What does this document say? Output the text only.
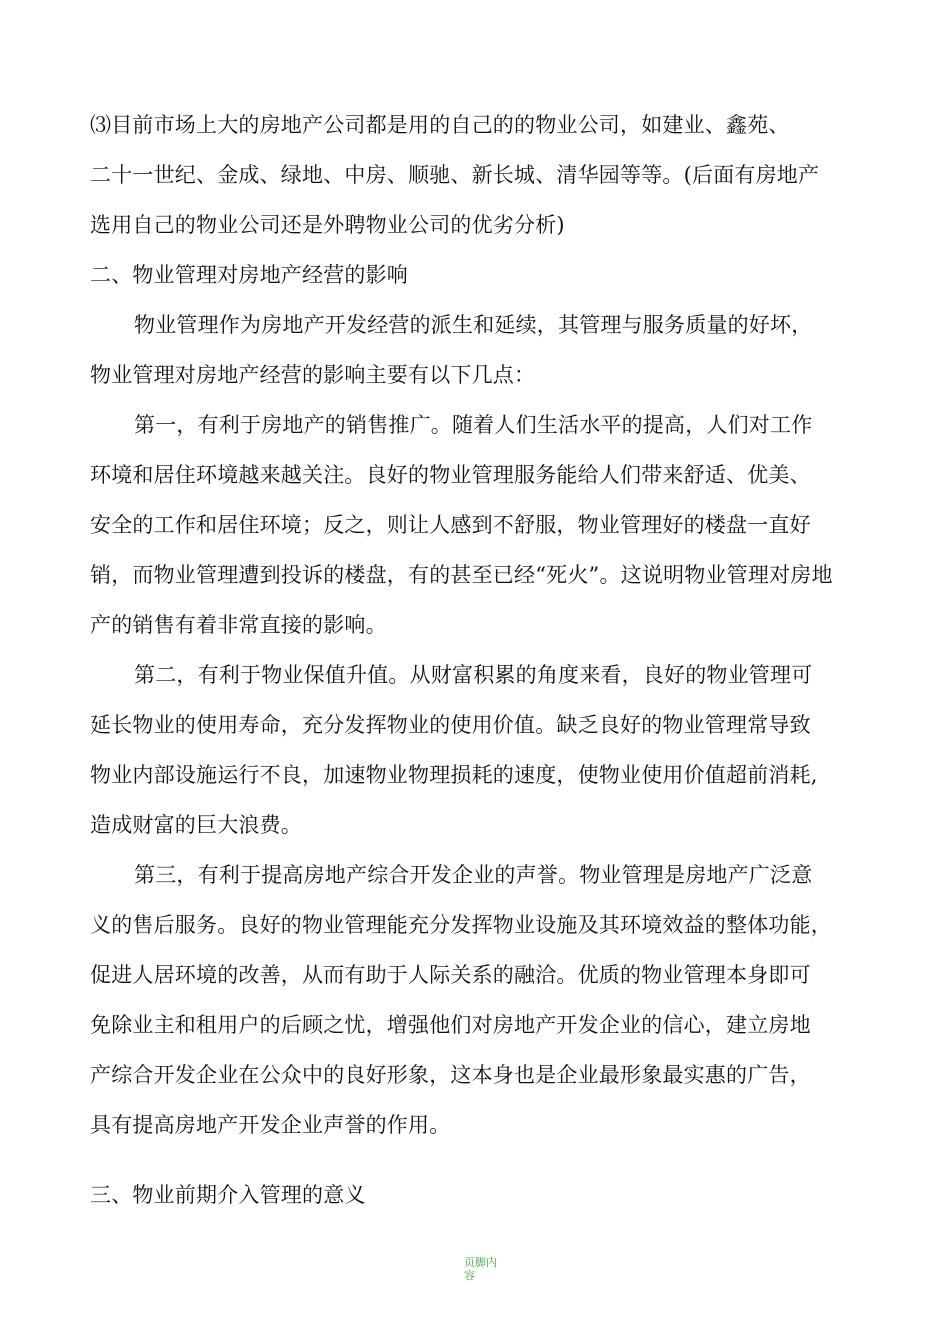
⑶目前市场上大的房地产公司都是用的自己的的物业公司，如建业、鑫苑、
二十一世纪、金成、绿地、中房、顺驰、新长城、清华园等等。(后面有房地产
选用自己的物业公司还是外聘物业公司的优劣分析)
二、物业管理对房地产经营的影响
物业管理作为房地产开发经营的派生和延续，其管理与服务质量的好坏，
物业管理对房地产经营的影响主要有以下几点：
第一，有利于房地产的销售推广。随着人们生活水平的提高，人们对工作
环境和居住环境越来越关注。良好的物业管理服务能给人们带来舒适、优美、
安全的工作和居住环境；反之，则让人感到不舒服，物业管理好的楼盘一直好
销，而物业管理遭到投诉的楼盘，有的甚至已经“死火”。这说明物业管理对房地
产的销售有着非常直接的影响。
第二，有利于物业保值升值。从财富积累的角度来看，良好的物业管理可
延长物业的使用寿命，充分发挥物业的使用价值。缺乏良好的物业管理常导致
物业内部设施运行不良，加速物业物理损耗的速度，使物业使用价值超前消耗,
造成财富的巨大浪费。
第三，有利于提高房地产综合开发企业的声誉。物业管理是房地产广泛意
义的售后服务。良好的物业管理能充分发挥物业设施及其环境效益的整体功能，
促进人居环境的改善，从而有助于人际关系的融洽。优质的物业管理本身即可
免除业主和租用户的后顾之忧，增强他们对房地产开发企业的信心，建立房地
产综合开发企业在公众中的良好形象，这本身也是企业最形象最实惠的广告，
具有提高房地产开发企业声誉的作用。
三、物业前期介入管理的意义
页脚内容
